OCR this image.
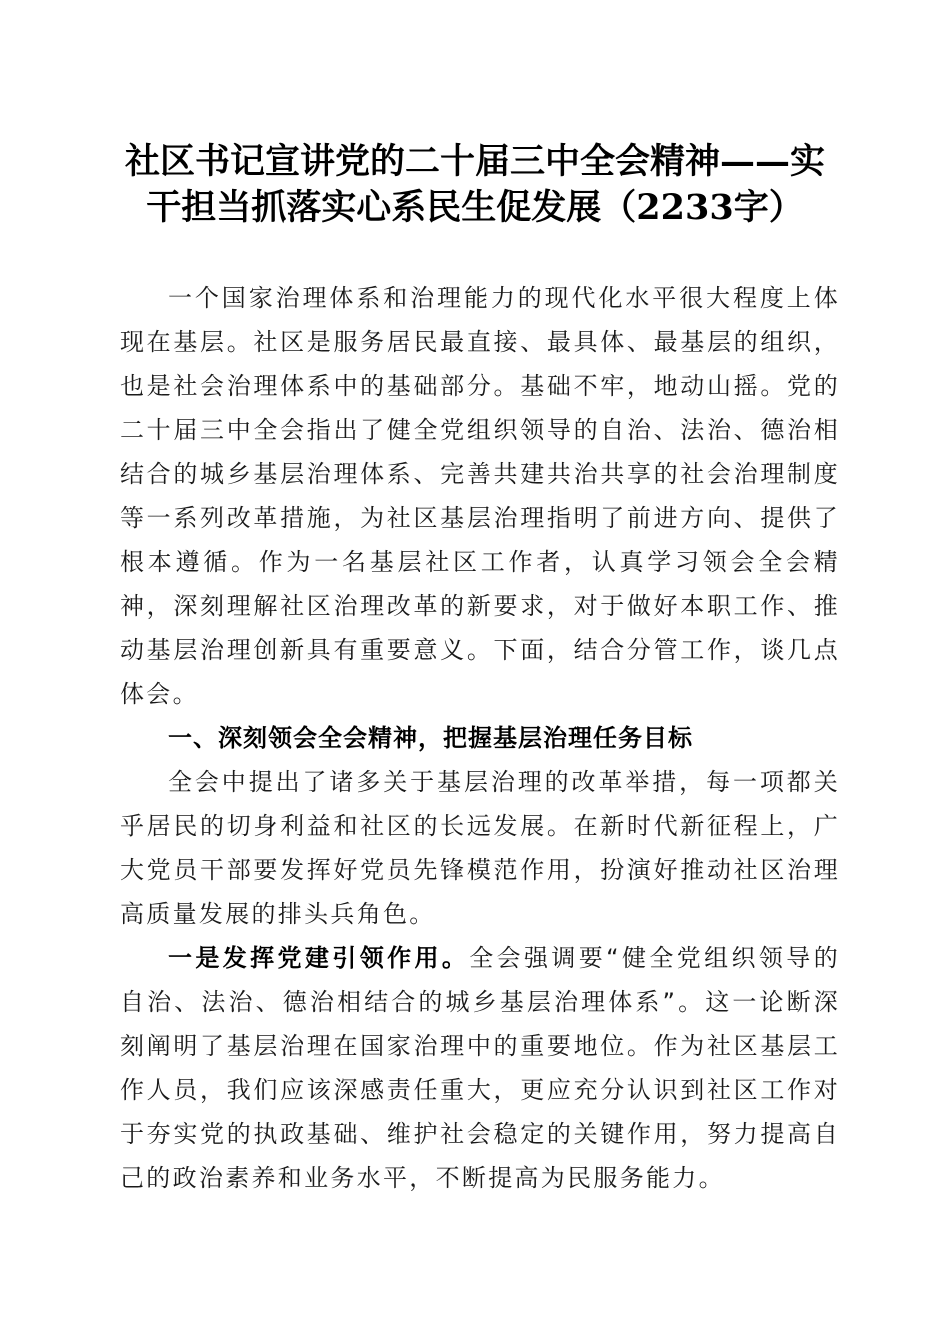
社区书记宣讲党的二十届三中全会精神——实
干担当抓落实心系民生促发展（2233字）

一个国家治理体系和治理能力的现代化水平很大程度上体现在基层。社区是服务居民最直接、最具体、最基层的组织，也是社会治理体系中的基础部分。基础不牢，地动山摇。党的二十届三中全会指出了健全党组织领导的自治、法治、德治相结合的城乡基层治理体系、完善共建共治共享的社会治理制度等一系列改革措施，为社区基层治理指明了前进方向、提供了根本遵循。作为一名基层社区工作者，认真学习领会全会精神，深刻理解社区治理改革的新要求，对于做好本职工作、推动基层治理创新具有重要意义。下面，结合分管工作，谈几点体会。

一、深刻领会全会精神，把握基层治理任务目标

全会中提出了诸多关于基层治理的改革举措，每一项都关乎居民的切身利益和社区的长远发展。在新时代新征程上，广大党员干部要发挥好党员先锋模范作用，扮演好推动社区治理高质量发展的排头兵角色。

一是发挥党建引领作用。全会强调要“健全党组织领导的自治、法治、德治相结合的城乡基层治理体系”。这一论断深刻阐明了基层治理在国家治理中的重要地位。作为社区基层工作人员，我们应该深感责任重大，更应充分认识到社区工作对于夯实党的执政基础、维护社会稳定的关键作用，努力提高自己的政治素养和业务水平，不断提高为民服务能力。
